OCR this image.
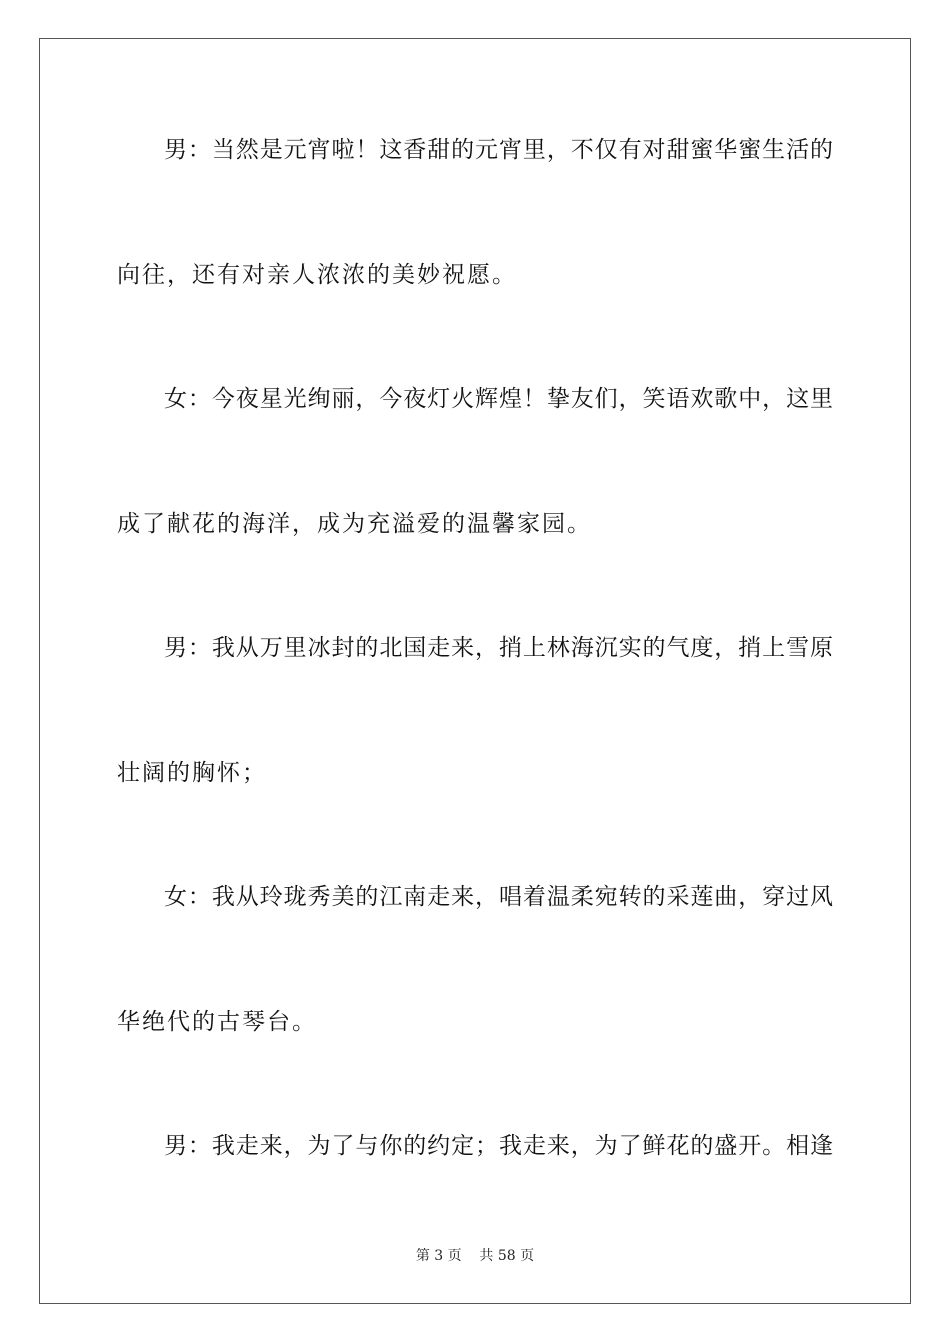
男：当然是元宵啦！这香甜的元宵里，不仅有对甜蜜华蜜生活的
向往，还有对亲人浓浓的美妙祝愿。
女：今夜星光绚丽，今夜灯火辉煌！挚友们，笑语欢歌中，这里
成了献花的海洋，成为充溢爱的温馨家园。
男：我从万里冰封的北国走来，捎上林海沉实的气度，捎上雪原
壮阔的胸怀；
女：我从玲珑秀美的江南走来，唱着温柔宛转的采莲曲，穿过风
华绝代的古琴台。
男：我走来，为了与你的约定；我走来，为了鲜花的盛开。相逢
第 3 页    共 58 页
